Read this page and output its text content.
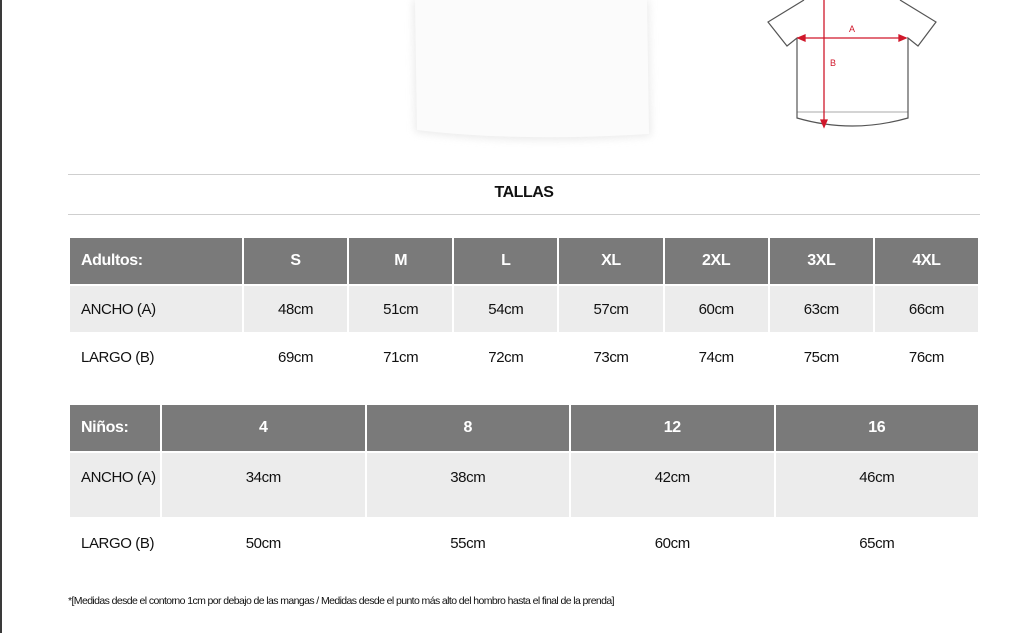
A
B
TALLAS
Adultos:	S	M	L	XL	2XL	3XL	4XL
ANCHO (A)	48cm	51cm	54cm	57cm	60cm	63cm	66cm
LARGO (B)	69cm	71cm	72cm	73cm	74cm	75cm	76cm
Niños:	4	8	12	16
ANCHO (A)	34cm	38cm	42cm	46cm
LARGO (B)	50cm	55cm	60cm	65cm
*[Medidas desde el contorno 1cm por debajo de las mangas / Medidas desde el punto más alto del hombro hasta el final de la prenda]
